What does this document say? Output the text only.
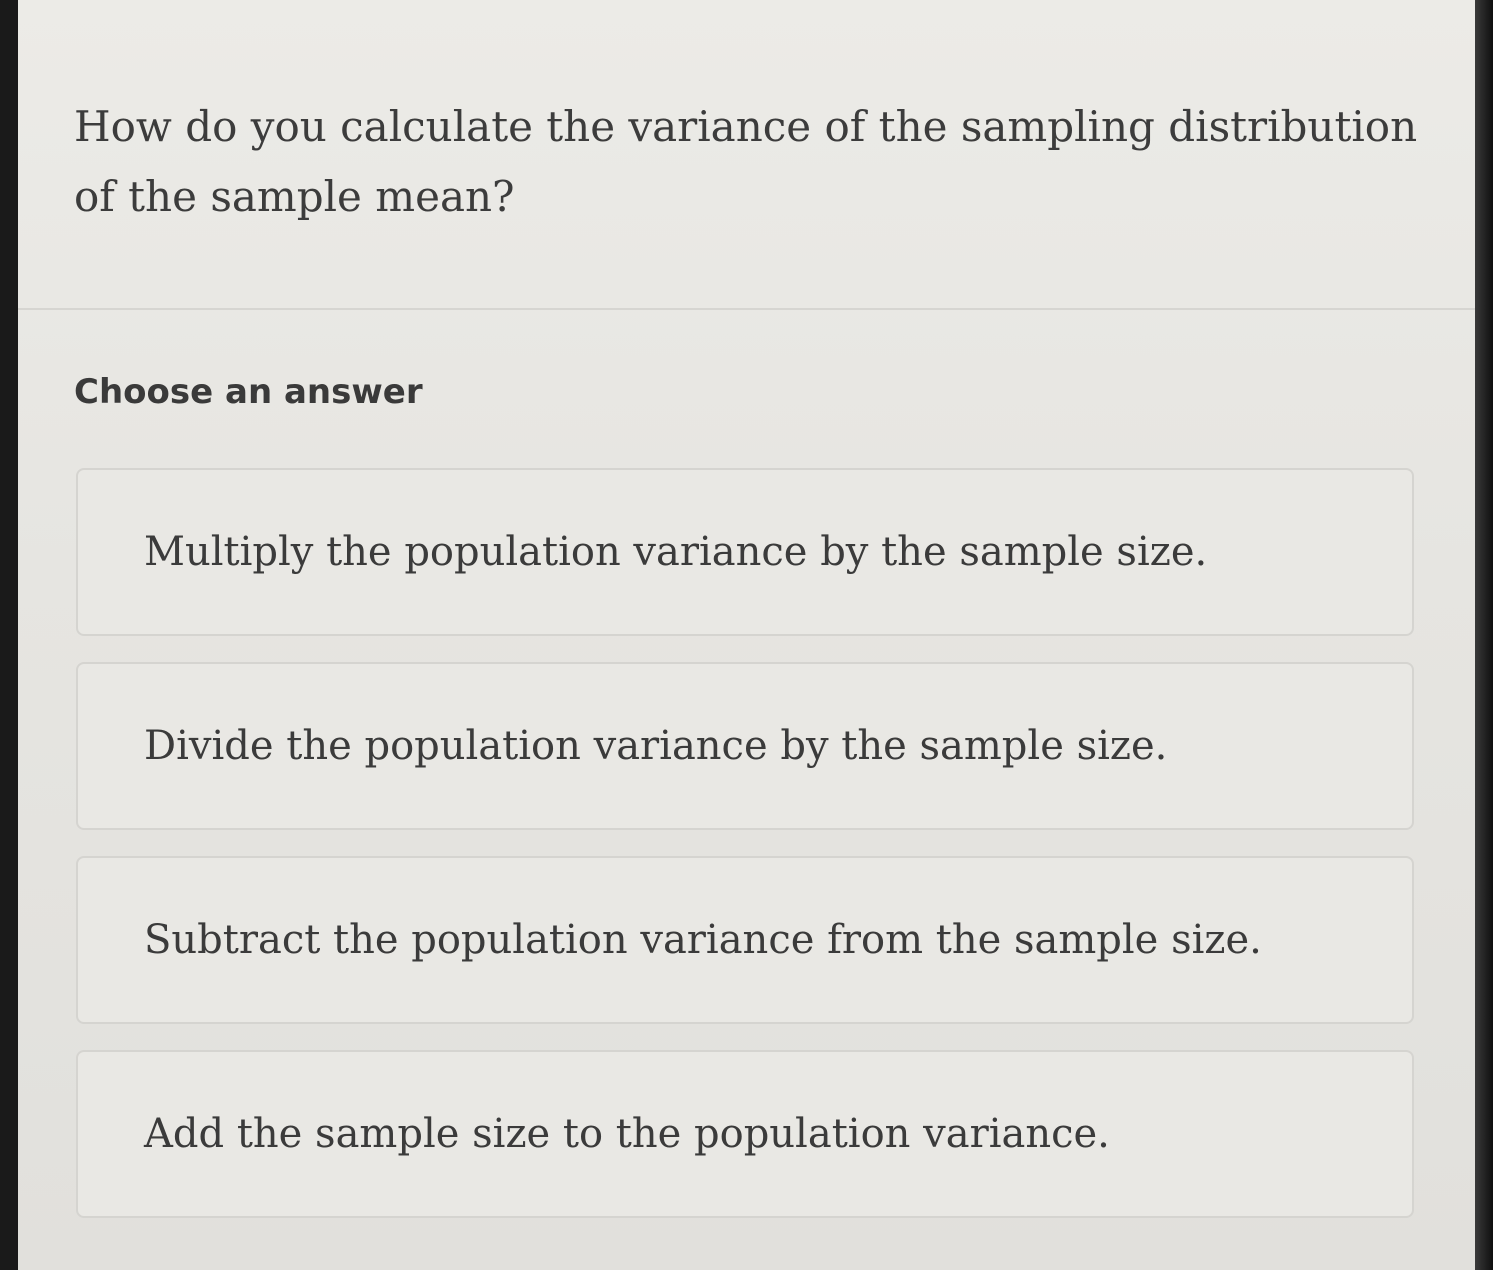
How do you calculate the variance of the sampling distribution of the sample mean?
Choose an answer
Multiply the population variance by the sample size.
Divide the population variance by the sample size.
Subtract the population variance from the sample size.
Add the sample size to the population variance.
